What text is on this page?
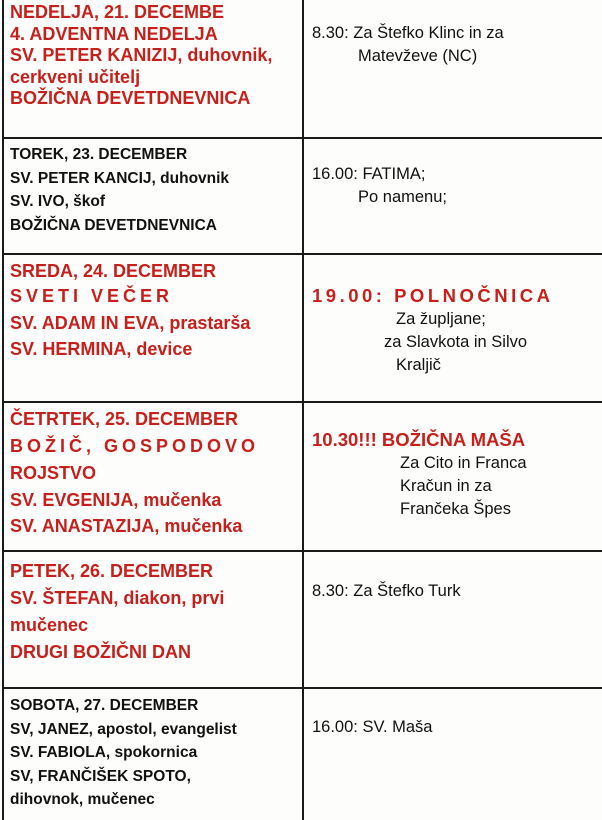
NEDELJA, 21. DECEMBE
4. ADVENTNA NEDELJA
SV. PETER KANIZIJ, duhovnik,
cerkveni učitelj
BOŽIČNA DEVETDNEVNICA
8.30: Za Štefko Klinc in za
Matevževe (NC)
TOREK, 23. DECEMBER
SV. PETER KANCIJ, duhovnik
SV. IVO, škof
BOŽIČNA DEVETDNEVNICA
16.00: FATIMA;
Po namenu;
SREDA, 24. DECEMBER
SVETI VEČER
SV. ADAM IN EVA, prastarša
SV. HERMINA, device
19.00: POLNOČNICA
Za župljane;
za Slavkota in Silvo
Kraljič
ČETRTEK, 25. DECEMBER
BOŽIČ, GOSPODOVO
ROJSTVO
SV. EVGENIJA, mučenka
SV. ANASTAZIJA, mučenka
10.30!!! BOŽIČNA MAŠA
Za Cito in Franca
Kračun in za
Frančeka Špes
PETEK, 26. DECEMBER
SV. ŠTEFAN, diakon, prvi
mučenec
DRUGI BOŽIČNI DAN
8.30: Za Štefko Turk
SOBOTA, 27. DECEMBER
SV, JANEZ, apostol, evangelist
SV. FABIOLA, spokornica
SV, FRANČIŠEK SPOTO,
dihovnok, mučenec
16.00: SV. Maša
